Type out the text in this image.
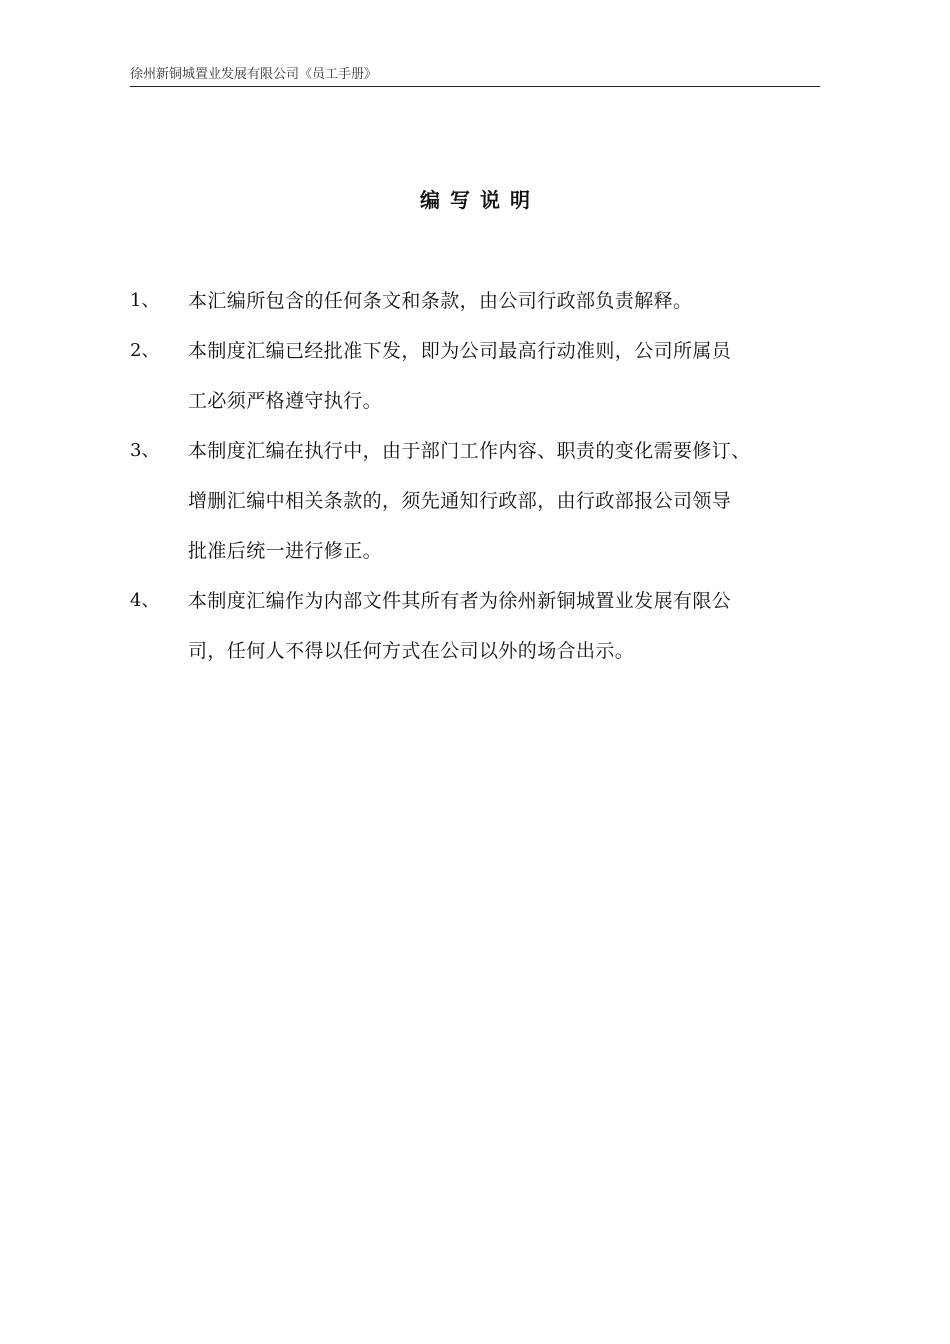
徐州新铜城置业发展有限公司《员工手册》
编写说明
1、 本汇编所包含的任何条文和条款，由公司行政部负责解释。
2、 本制度汇编已经批准下发，即为公司最高行动准则，公司所属员
工必须严格遵守执行。
3、 本制度汇编在执行中，由于部门工作内容、职责的变化需要修订、
增删汇编中相关条款的，须先通知行政部，由行政部报公司领导
批准后统一进行修正。
4、 本制度汇编作为内部文件其所有者为徐州新铜城置业发展有限公
司，任何人不得以任何方式在公司以外的场合出示。
